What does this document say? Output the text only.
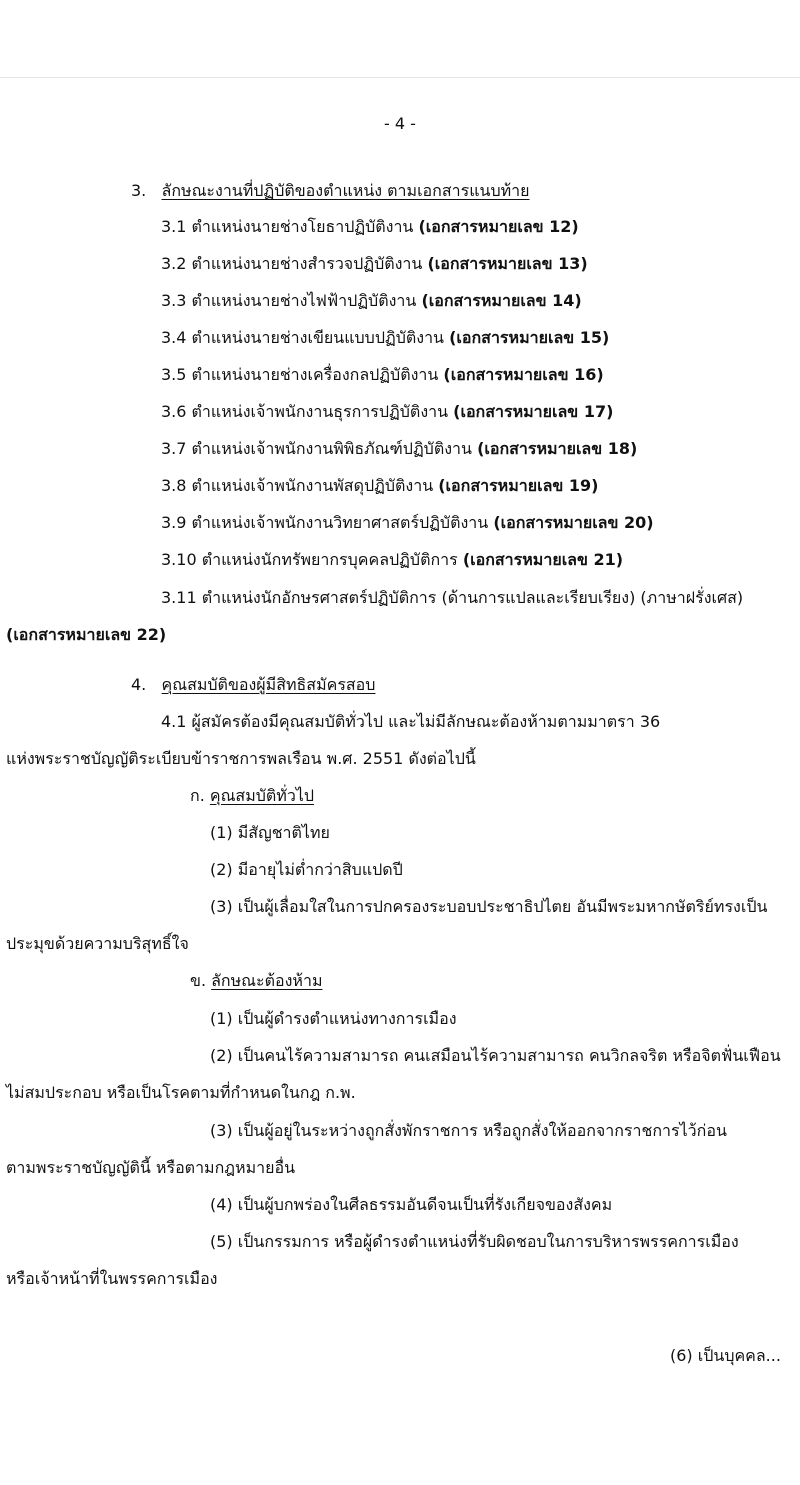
- 4 -
3. ลักษณะงานที่ปฏิบัติของตำแหน่ง ตามเอกสารแนบท้าย
3.1 ตำแหน่งนายช่างโยธาปฏิบัติงาน (เอกสารหมายเลข 12)
3.2 ตำแหน่งนายช่างสำรวจปฏิบัติงาน (เอกสารหมายเลข 13)
3.3 ตำแหน่งนายช่างไฟฟ้าปฏิบัติงาน (เอกสารหมายเลข 14)
3.4 ตำแหน่งนายช่างเขียนแบบปฏิบัติงาน (เอกสารหมายเลข 15)
3.5 ตำแหน่งนายช่างเครื่องกลปฏิบัติงาน (เอกสารหมายเลข 16)
3.6 ตำแหน่งเจ้าพนักงานธุรการปฏิบัติงาน (เอกสารหมายเลข 17)
3.7 ตำแหน่งเจ้าพนักงานพิพิธภัณฑ์ปฏิบัติงาน (เอกสารหมายเลข 18)
3.8 ตำแหน่งเจ้าพนักงานพัสดุปฏิบัติงาน (เอกสารหมายเลข 19)
3.9 ตำแหน่งเจ้าพนักงานวิทยาศาสตร์ปฏิบัติงาน (เอกสารหมายเลข 20)
3.10 ตำแหน่งนักทรัพยากรบุคคลปฏิบัติการ (เอกสารหมายเลข 21)
3.11 ตำแหน่งนักอักษรศาสตร์ปฏิบัติการ (ด้านการแปลและเรียบเรียง) (ภาษาฝรั่งเศส)
(เอกสารหมายเลข 22)
4. คุณสมบัติของผู้มีสิทธิสมัครสอบ
4.1 ผู้สมัครต้องมีคุณสมบัติทั่วไป และไม่มีลักษณะต้องห้ามตามมาตรา 36
แห่งพระราชบัญญัติระเบียบข้าราชการพลเรือน พ.ศ. 2551 ดังต่อไปนี้
ก. คุณสมบัติทั่วไป
(1) มีสัญชาติไทย
(2) มีอายุไม่ต่ำกว่าสิบแปดปี
(3) เป็นผู้เลื่อมใสในการปกครองระบอบประชาธิปไตย อันมีพระมหากษัตริย์ทรงเป็น
ประมุขด้วยความบริสุทธิ์ใจ
ข. ลักษณะต้องห้าม
(1) เป็นผู้ดำรงตำแหน่งทางการเมือง
(2) เป็นคนไร้ความสามารถ คนเสมือนไร้ความสามารถ คนวิกลจริต หรือจิตฟั่นเฟือน
ไม่สมประกอบ หรือเป็นโรคตามที่กำหนดในกฎ ก.พ.
(3) เป็นผู้อยู่ในระหว่างถูกสั่งพักราชการ หรือถูกสั่งให้ออกจากราชการไว้ก่อน
ตามพระราชบัญญัตินี้ หรือตามกฎหมายอื่น
(4) เป็นผู้บกพร่องในศีลธรรมอันดีจนเป็นที่รังเกียจของสังคม
(5) เป็นกรรมการ หรือผู้ดำรงตำแหน่งที่รับผิดชอบในการบริหารพรรคการเมือง
หรือเจ้าหน้าที่ในพรรคการเมือง
(6) เป็นบุคคล...
